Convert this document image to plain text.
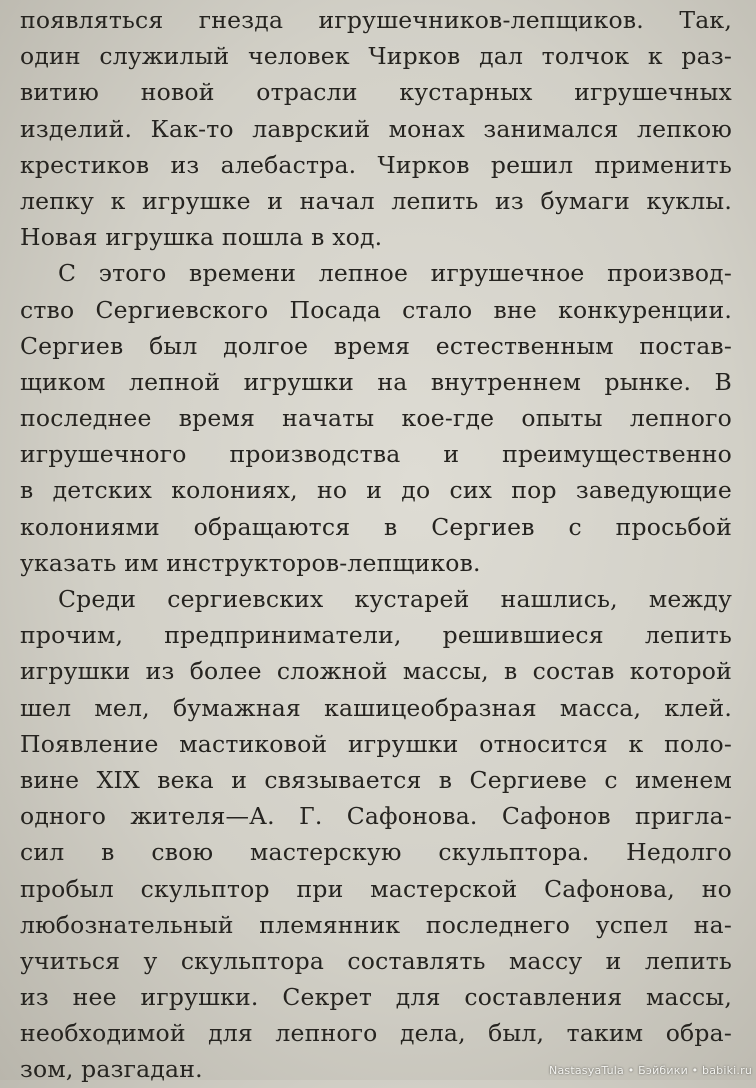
появляться гнезда игрушечников-лепщиков. Так,
один служилый человек Чирков дал толчок к раз-
витию новой отрасли кустарных игрушечных
изделий. Как-то лаврский монах занимался лепкою
крестиков из алебастра. Чирков решил применить
лепку к игрушке и начал лепить из бумаги куклы.
Новая игрушка пошла в ход.
С этого времени лепное игрушечное производ-
ство Сергиевского Посада стало вне конкуренции.
Сергиев был долгое время естественным постав-
щиком лепной игрушки на внутреннем рынке. В
последнее время начаты кое-где опыты лепного
игрушечного производства и преимущественно
в детских колониях, но и до сих пор заведующие
колониями обращаются в Сергиев с просьбой
указать им инструкторов-лепщиков.
Среди сергиевских кустарей нашлись, между
прочим, предприниматели, решившиеся лепить
игрушки из более сложной массы, в состав которой
шел мел, бумажная кашицеобразная масса, клей.
Появление мастиковой игрушки относится к поло-
вине XIX века и связывается в Сергиеве с именем
одного жителя—А. Г. Сафонова. Сафонов пригла-
сил в свою мастерскую скульптора. Недолго
пробыл скульптор при мастерской Сафонова, но
любознательный племянник последнего успел на-
учиться у скульптора составлять массу и лепить
из нее игрушки. Секрет для составления массы,
необходимой для лепного дела, был, таким обра-
зом, разгадан.	NastasyaTula • Бэйбики • babiki.ru
